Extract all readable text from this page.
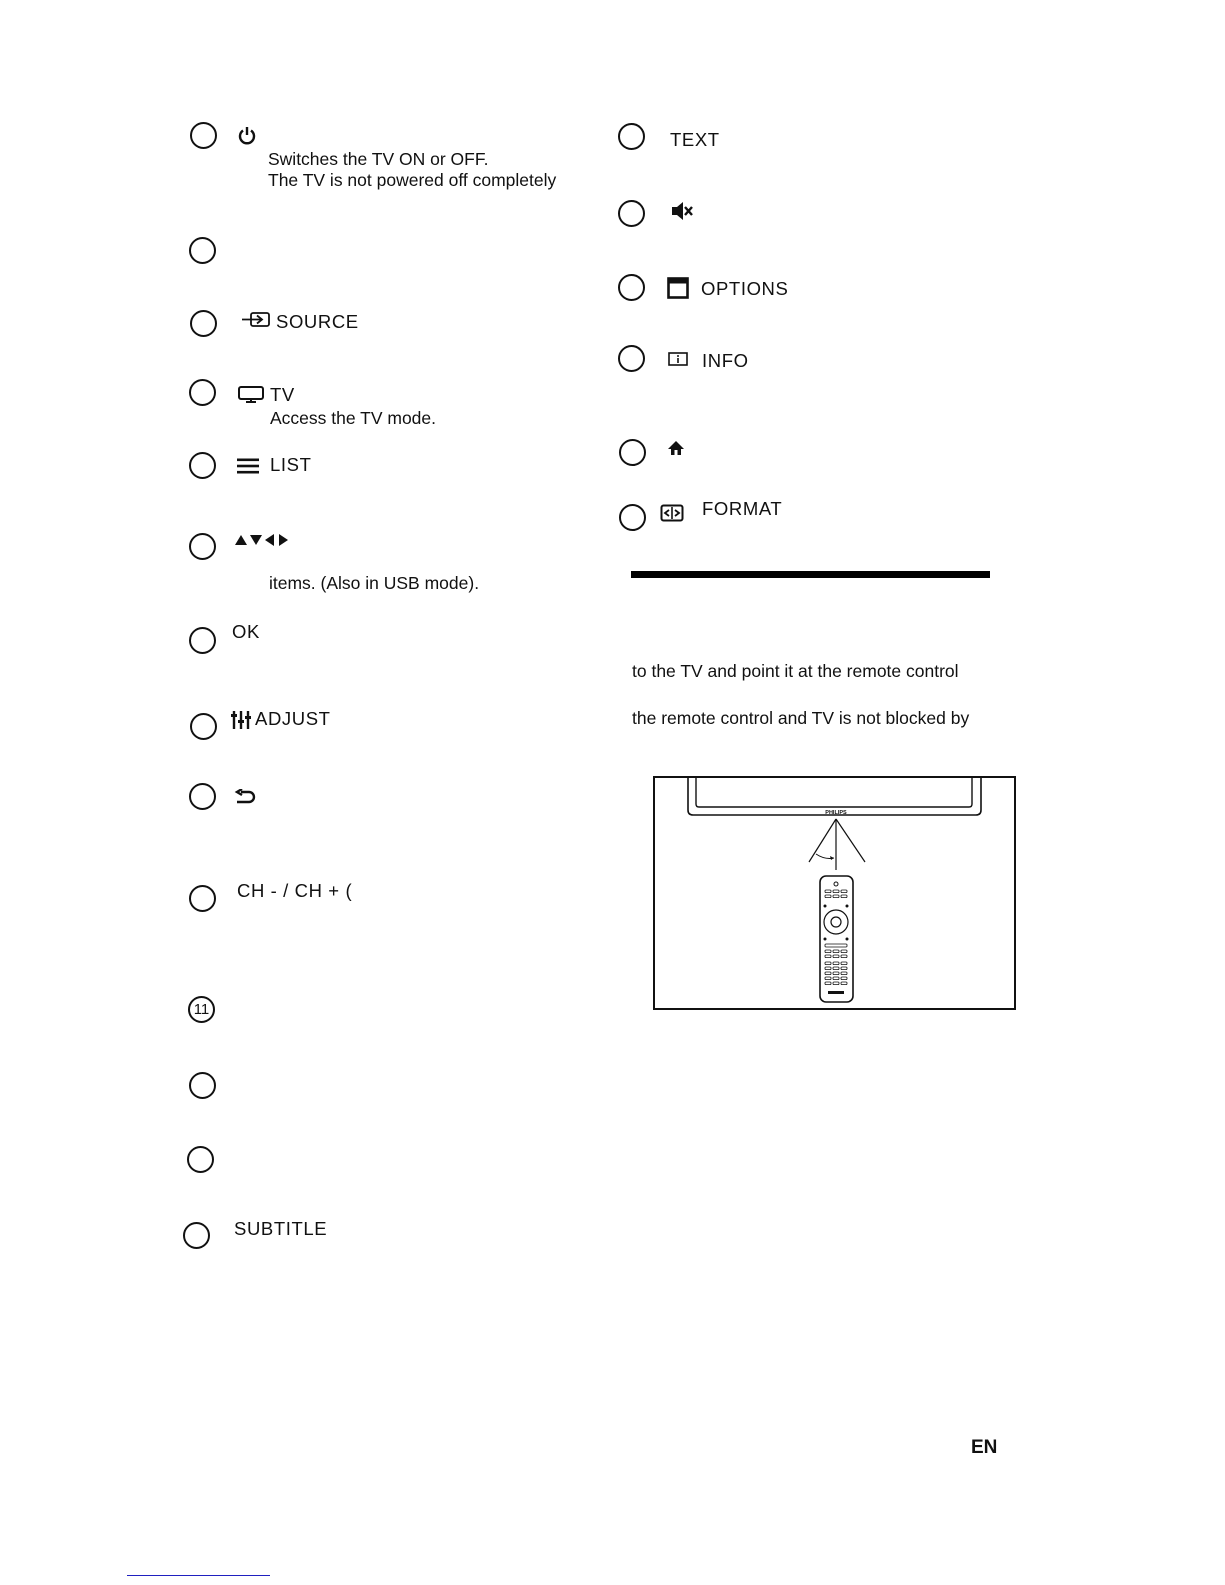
Switches the TV ON or OFF.
The TV is not powered off completely
SOURCE
TV
Access the TV mode.
LIST
items. (Also in USB mode).
OK
ADJUST
CH - / CH + (
11
SUBTITLE
TEXT
OPTIONS
INFO
FORMAT
to the TV and point it at the remote control
the remote control and TV is not blocked by
PHILIPS
EN
